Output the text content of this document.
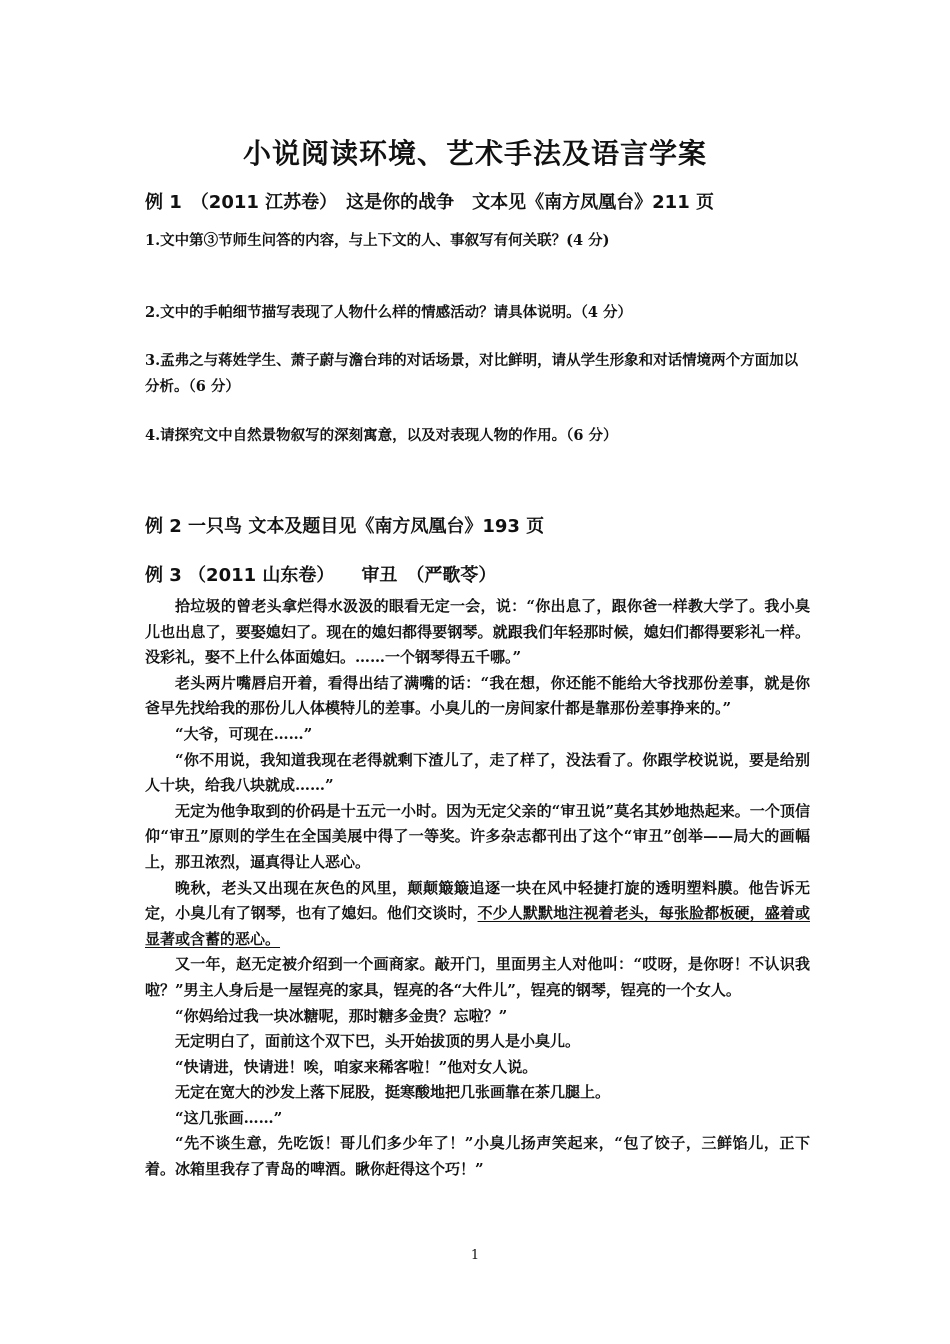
小说阅读环境、艺术手法及语言学案
例 1　（2011 江苏卷）　这是你的战争　文本见《南方凤凰台》211 页
1.文中第③节师生问答的内容，与上下文的人、事叙写有何关联？(4 分)
2.文中的手帕细节描写表现了人物什么样的情感活动？请具体说明。（4 分）
3.孟弗之与蒋姓学生、萧子蔚与澹台玮的对话场景，对比鲜明，请从学生形象和对话情境两个方面加以分析。（6 分）
4.请探究文中自然景物叙写的深刻寓意，以及对表现人物的作用。（6 分）
例 2 一只鸟 文本及题目见《南方凤凰台》193 页
例 3 （2011 山东卷）　　审丑　（严歌苓）

拾垃圾的曾老头拿烂得水汲汲的眼看无定一会，说：“你出息了，跟你爸一样教大学了。我小臭儿也出息了，要娶媳妇了。现在的媳妇都得要钢琴。就跟我们年轻那时候，媳妇们都得要彩礼一样。没彩礼，娶不上什么体面媳妇。……一个钢琴得五千哪。”

老头两片嘴唇启开着，看得出结了满嘴的话：“我在想，你还能不能给大爷找那份差事，就是你爸早先找给我的那份儿人体模特儿的差事。小臭儿的一房间家什都是靠那份差事挣来的。”

“大爷，可现在……”

“你不用说，我知道我现在老得就剩下渣儿了，走了样了，没法看了。你跟学校说说，要是给别人十块，给我八块就成……”

无定为他争取到的价码是十五元一小时。因为无定父亲的“审丑说”莫名其妙地热起来。一个顶信仰“审丑”原则的学生在全国美展中得了一等奖。许多杂志都刊出了这个“审丑”创举——局大的画幅上，那丑浓烈，逼真得让人恶心。

晚秋，老头又出现在灰色的风里，颠颠簸簸追逐一块在风中轻捷打旋的透明塑料膜。他告诉无定，小臭儿有了钢琴，也有了媳妇。他们交谈时，不少人默默地注视着老头，每张脸都板硬，盛着或显著或含蓄的恶心。

又一年，赵无定被介绍到一个画商家。敲开门，里面男主人对他叫：“哎呀，是你呀！不认识我啦？”男主人身后是一屋锃亮的家具，锃亮的各“大件儿”，锃亮的钢琴，锃亮的一个女人。

“你妈给过我一块冰糖呢，那时糖多金贵？忘啦？”

无定明白了，面前这个双下巴，头开始拔顶的男人是小臭儿。

“快请进，快请进！唉，咱家来稀客啦！”他对女人说。

无定在宽大的沙发上落下屁股，挺寒酸地把几张画靠在茶几腿上。

“这几张画……”

“先不谈生意，先吃饭！哥儿们多少年了！”小臭儿扬声笑起来，“包了饺子，三鲜馅儿，正下着。冰箱里我存了青岛的啤酒。瞅你赶得这个巧！”

1
